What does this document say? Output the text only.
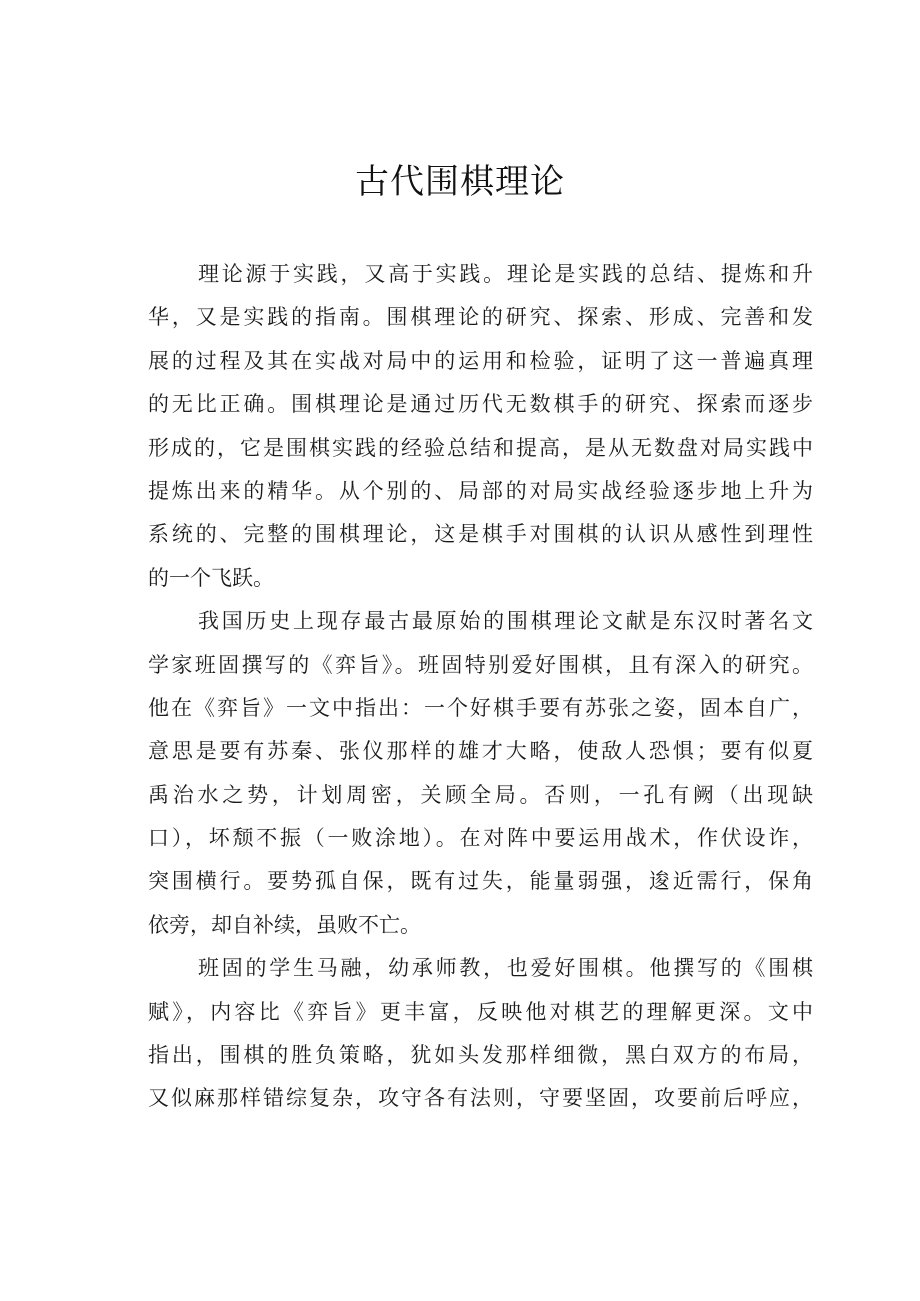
古代围棋理论
理论源于实践，又高于实践。理论是实践的总结、提炼和升
华，又是实践的指南。围棋理论的研究、探索、形成、完善和发
展的过程及其在实战对局中的运用和检验，证明了这一普遍真理
的无比正确。围棋理论是通过历代无数棋手的研究、探索而逐步
形成的，它是围棋实践的经验总结和提高，是从无数盘对局实践中
提炼出来的精华。从个别的、局部的对局实战经验逐步地上升为
系统的、完整的围棋理论，这是棋手对围棋的认识从感性到理性
的一个飞跃。
我国历史上现存最古最原始的围棋理论文献是东汉时著名文
学家班固撰写的《弈旨》。班固特别爱好围棋，且有深入的研究。
他在《弈旨》一文中指出：一个好棋手要有苏张之姿，固本自广，
意思是要有苏秦、张仪那样的雄才大略，使敌人恐惧；要有似夏
禹治水之势，计划周密，关顾全局。否则，一孔有阙（出现缺
口），坏颓不振（一败涂地）。在对阵中要运用战术，作伏设诈，
突围横行。要势孤自保，既有过失，能量弱强，逡近需行，保角
依旁，却自补续，虽败不亡。
班固的学生马融，幼承师教，也爱好围棋。他撰写的《围棋
赋》，内容比《弈旨》更丰富，反映他对棋艺的理解更深。文中
指出，围棋的胜负策略，犹如头发那样细微，黑白双方的布局，
又似麻那样错综复杂，攻守各有法则，守要坚固，攻要前后呼应，
